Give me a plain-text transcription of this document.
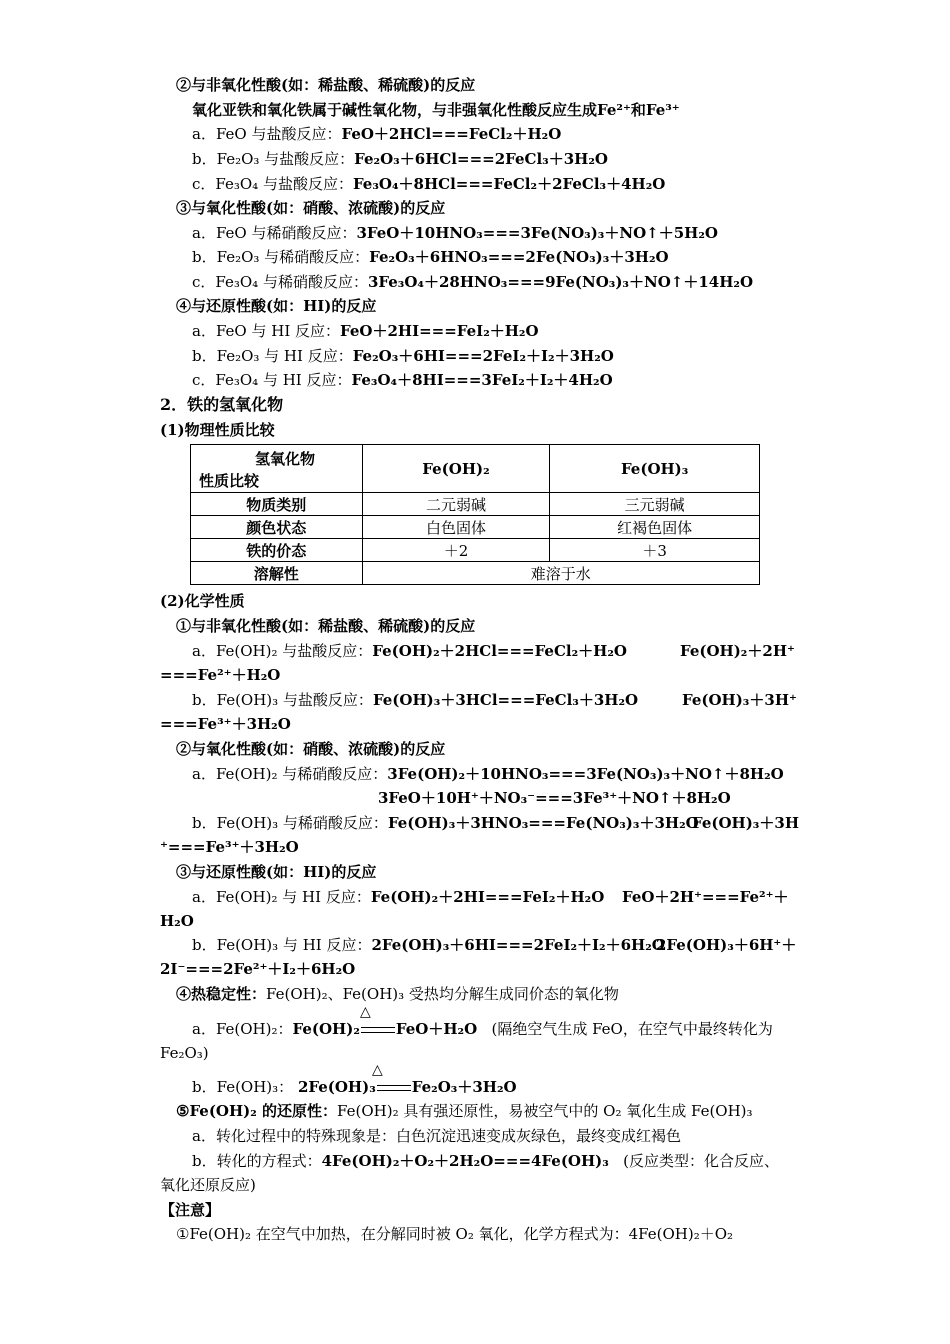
②与非氧化性酸(如：稀盐酸、稀硫酸)的反应
氧化亚铁和氧化铁属于碱性氧化物，与非强氧化性酸反应生成Fe²⁺和Fe³⁺
a．FeO 与盐酸反应：FeO＋2HCl===FeCl₂＋H₂O
b．Fe₂O₃ 与盐酸反应：Fe₂O₃＋6HCl===2FeCl₃＋3H₂O
c．Fe₃O₄ 与盐酸反应：Fe₃O₄＋8HCl===FeCl₂＋2FeCl₃＋4H₂O
③与氧化性酸(如：硝酸、浓硫酸)的反应
a．FeO 与稀硝酸反应：3FeO＋10HNO₃===3Fe(NO₃)₃＋NO↑＋5H₂O
b．Fe₂O₃ 与稀硝酸反应：Fe₂O₃＋6HNO₃===2Fe(NO₃)₃＋3H₂O
c．Fe₃O₄ 与稀硝酸反应：3Fe₃O₄＋28HNO₃===9Fe(NO₃)₃＋NO↑＋14H₂O
④与还原性酸(如：HI)的反应
a．FeO 与 HI 反应：FeO＋2HI===FeI₂＋H₂O
b．Fe₂O₃ 与 HI 反应：Fe₂O₃＋6HI===2FeI₂＋I₂＋3H₂O
c．Fe₃O₄ 与 HI 反应：Fe₃O₄＋8HI===3FeI₂＋I₂＋4H₂O
2．铁的氢氧化物
(1)物理性质比较
氢氧化物
性质比较	Fe(OH)₂	Fe(OH)₃
物质类别	二元弱碱	三元弱碱
颜色状态	白色固体	红褐色固体
铁的价态	＋2	＋3
溶解性	难溶于水	
(2)化学性质
①与非氧化性酸(如：稀盐酸、稀硫酸)的反应
a．Fe(OH)₂ 与盐酸反应：Fe(OH)₂＋2HCl===FeCl₂＋H₂O	Fe(OH)₂＋2H⁺
===Fe²⁺＋H₂O
b．Fe(OH)₃ 与盐酸反应：Fe(OH)₃＋3HCl===FeCl₃＋3H₂O	Fe(OH)₃＋3H⁺
===Fe³⁺＋3H₂O
②与氧化性酸(如：硝酸、浓硫酸)的反应
a．Fe(OH)₂ 与稀硝酸反应：3Fe(OH)₂＋10HNO₃===3Fe(NO₃)₃＋NO↑＋8H₂O
3FeO＋10H⁺＋NO₃⁻===3Fe³⁺＋NO↑＋8H₂O
b．Fe(OH)₃ 与稀硝酸反应：Fe(OH)₃＋3HNO₃===Fe(NO₃)₃＋3H₂O
Fe(OH)₃＋3H
⁺===Fe³⁺＋3H₂O
③与还原性酸(如：HI)的反应
a．Fe(OH)₂ 与 HI 反应：Fe(OH)₂＋2HI===FeI₂＋H₂O FeO＋2H⁺===Fe²⁺＋
H₂O
b．Fe(OH)₃ 与 HI 反应：2Fe(OH)₃＋6HI===2FeI₂＋I₂＋6H₂O
2Fe(OH)₃＋6H⁺＋
2I⁻===2Fe²⁺＋I₂＋6H₂O
④热稳定性：Fe(OH)₂、Fe(OH)₃ 受热均分解生成同价态的氧化物
△
a．Fe(OH)₂：Fe(OH)₂ FeO＋H₂O (隔绝空气生成 FeO，在空气中最终转化为
Fe₂O₃)
△
b．Fe(OH)₃： 2Fe(OH)₃ Fe₂O₃＋3H₂O
⑤Fe(OH)₂ 的还原性：Fe(OH)₂ 具有强还原性，易被空气中的 O₂ 氧化生成 Fe(OH)₃
a．转化过程中的特殊现象是：白色沉淀迅速变成灰绿色，最终变成红褐色
b．转化的方程式：4Fe(OH)₂＋O₂＋2H₂O===4Fe(OH)₃ (反应类型：化合反应、
氧化还原反应)
【注意】
①Fe(OH)₂ 在空气中加热，在分解同时被 O₂ 氧化，化学方程式为：4Fe(OH)₂＋O₂
